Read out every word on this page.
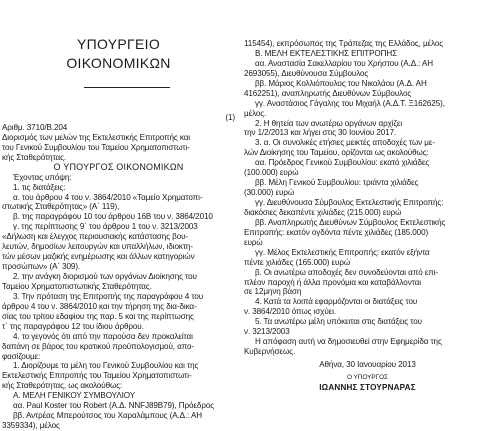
ΥΠΟΥΡΓΕΙΟ
ΟΙΚΟΝΟΜΙΚΩΝ
(1)
Αριθμ. 3710/Β.204
Διορισμός των μελών της Εκτελεστικής Επιτροπής και
του Γενικού Συμβουλίου του Ταμείου Χρηματοπιστωτι-
κής Σταθερότητας.
Ο ΥΠΟΥΡΓΟΣ ΟΙΚΟΝΟΜΙΚΩΝ
Έχοντας υπόψη:
1. τις διατάξεις:
α. του άρθρου 4 του ν. 3864/2010 «Ταμείο Χρηματοπι-
στωτικής Σταθερότητας» (Α΄ 119),
β. της παραγράφου 10 του άρθρου 16Β του ν. 3864/2010
γ. της περίπτωσης 9΄ του άρθρου 1 του ν. 3213/2003
«Δήλωση και έλεγχος περιουσιακής κατάστασης βου-
λευτών, δημοσίων λειτουργών και υπαλλήλων, ιδιοκτη-
τών μέσων μαζικής ενημέρωσης και άλλων κατηγοριών
προσώπων» (Α΄ 309).
2. την ανάγκη διορισμού των οργάνων Διοίκησης του
Ταμείου Χρηματοπιστωτικής Σταθερότητας.
3. Την πρόταση της Επιτροπής της παραγράφου 4 του
άρθρου 4 του ν. 3864/2010 και την τήρηση της δια-δικα-
σίας του τρίτου εδαφίου της παρ. 5 και της περίπτωσης
τ΄ της παραγράφου 12 του ίδιου άρθρου.
4. το γεγονός ότι από την παρούσα δεν προκαλείται
δαπάνη σε βάρος του κρατικού προϋπολογισμού, απο-
φασίζουμε:
1. Διορίζουμε τα μέλη του Γενικού Συμβουλίου και της
Εκτελεστικής Επιτροπής του Ταμείου Χρηματοπιστωτι-
κής Σταθερότητας, ως ακολούθως:
Α. ΜΕΛΗ ΓΕΝΙΚΟΥ ΣΥΜΒΟΥΛΙΟΥ
αα. Paul Koster του Robert (Α.Δ. NNFJ89B79), Πρόεδρος
ββ. Αντρέας Μπερούτσος του Χαραλάμπους (Α.Δ.: ΑΗ
3359334), μέλος
115454), εκπρόσωπος της Τράπεζας της Ελλάδος, μέλος
Β. ΜΕΛΗ ΕΚΤΕΛΕΣΤΙΚΗΣ ΕΠΙΤΡΟΠΗΣ
αα. Αναστασία Σακελλαρίου του Χρήστου (Α.Δ.: ΑΗ
2693055), Διευθύνουσα Σύμβουλος
ββ. Μάριος Κολλιόπουλος του Νικολάου (Α.Δ. ΑΗ
4162251), αναπληρωτής Διευθύνων Σύμβουλος
γγ. Αναστάσιος Γάγαλης του Μιχαήλ (Α.Δ.Τ. Ξ162625),
μέλος.
2. Η θητεία των ανωτέρω οργάνων αρχίζει
την 1/2/2013 και λήγει στις 30 Ιουνίου 2017.
3. α. Οι συνολικές ετήσιες μεικτές αποδοχές των με-
λών Διοίκησης του Ταμείου, ορίζονται ως ακολούθως:
αα. Πρόεδρος Γενικού Συμβουλίου: εκατό χιλιάδες
(100.000) ευρώ
ββ. Μέλη Γενικού Συμβουλίου: τριάντα χιλιάδες
(30.000) ευρώ
γγ. Διευθύνουσα Σύμβουλος Εκτελεστικής Επιτροπής:
διακόσιες δεκαπέντε χιλιάδες (215.000) ευρώ
ββ. Αναπληρωτής Διευθύνων Σύμβουλος Εκτελεστικής
Επιτροπής: εκατόν ογδόντα πέντε χιλιάδες (185.000)
ευρώ
γγ. Μέλος Εκτελεστικής Επιτροπής: εκατόν εξήντα
πέντε χιλιάδες (165.000) ευρώ
β. Οι ανωτέρω αποδοχές δεν συνοδεύονται από επι-
πλέον παροχή ή άλλα προνόμια και καταβάλλονται
σε 12μηνη βάση
4. Κατά τα λοιπά εφαρμόζονται οι διατάξεις του
ν. 3864/2010 όπως ισχύει.
5. Τα ανωτέρω μέλη υπόκειται στις διατάξεις του
ν. 3213/2003
Η απόφαση αυτή να δημοσιευθεί στην Εφημερίδα της
Κυβερνήσεως.
Αθήνα, 30 Ιανουαρίου 2013
Ο ΥΠΟΥΡΓΟΣ
ΙΩΑΝΝΗΣ ΣΤΟΥΡΝΑΡΑΣ
